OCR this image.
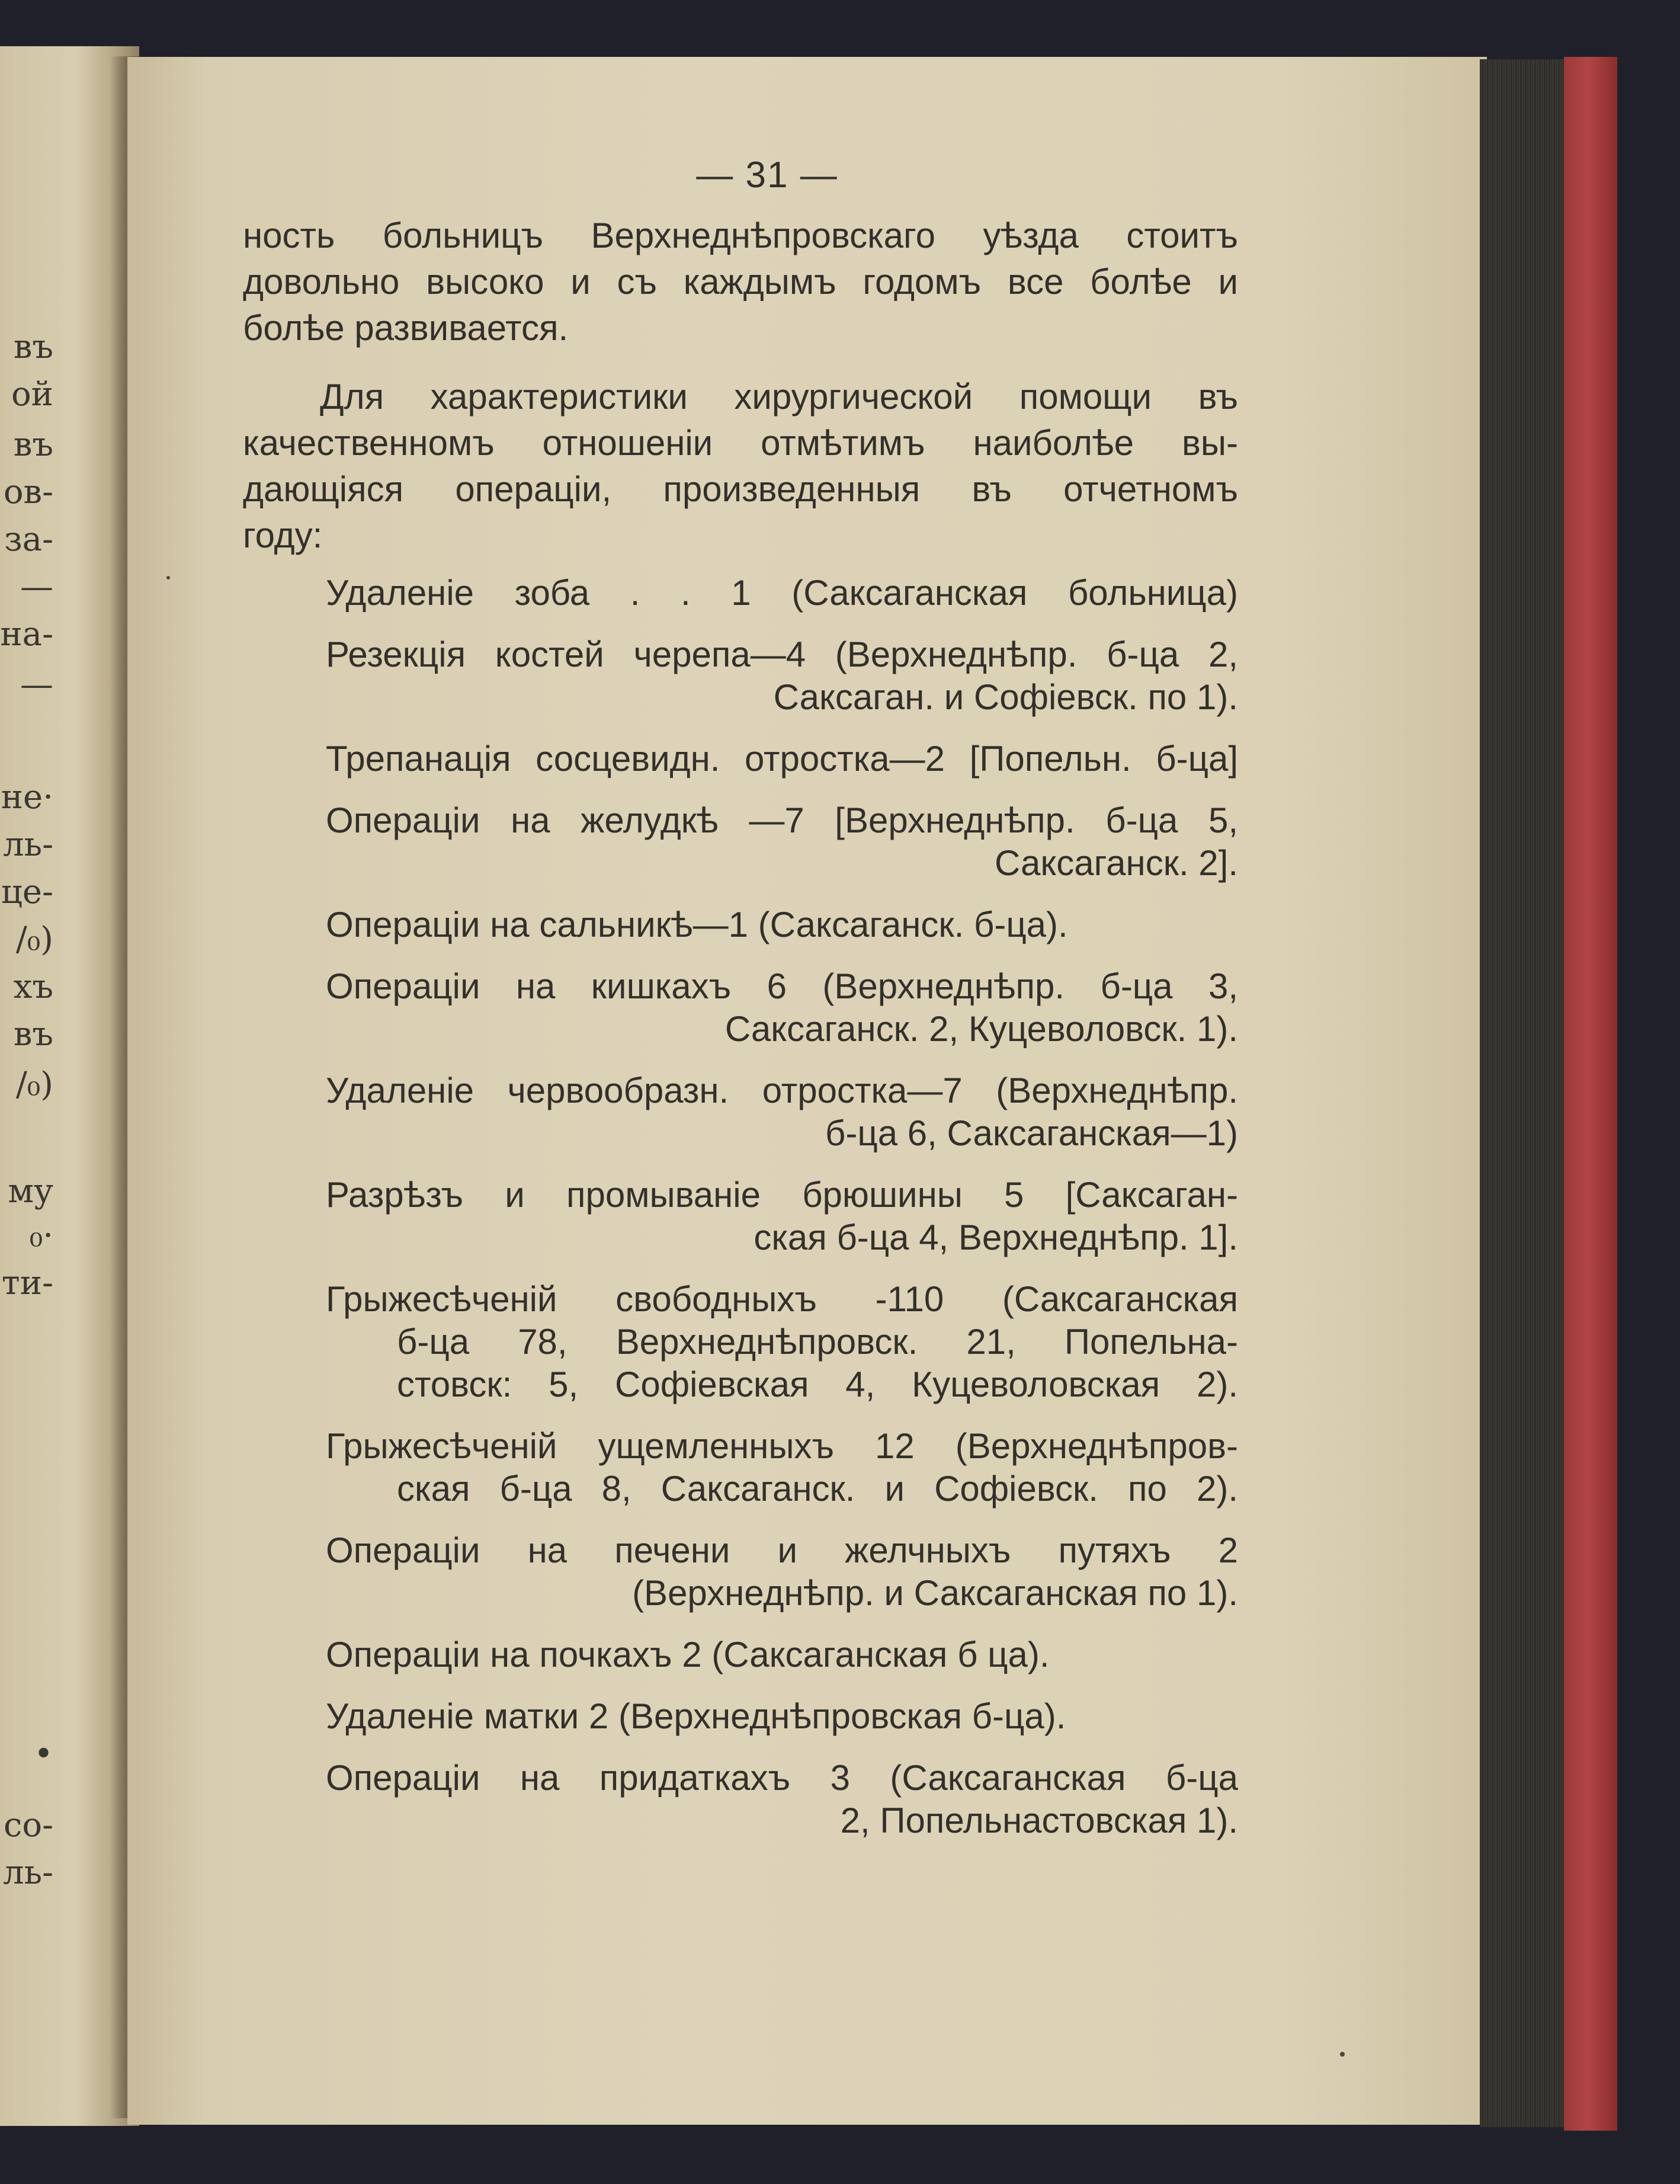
въ
ой
въ
ов-
за-
—
на-
—
не·
ль-
це-
/₀)
хъ
въ
/₀)
му
₀·
ти-
•
со-
ль-
— 31 —
ность больницъ Верхнеднѣпровскаго уѣзда стоитъ
довольно высоко и съ каждымъ годомъ все болѣе и
болѣе развивается.
Для характеристики хирургической помощи въ
качественномъ отношеніи отмѣтимъ наиболѣе вы-
дающіяся операціи, произведенныя въ отчетномъ
году:
Удаленіе зоба . . 1 (Саксаганская больница)
Резекція костей черепа—4 (Верхнеднѣпр. б-ца 2,
Саксаган. и Софіевск. по 1).
Трепанація сосцевидн. отростка—2 [Попельн. б-ца]
Операціи на желудкѣ —7 [Верхнеднѣпр. б-ца 5,
Саксаганск. 2].
Операціи на сальникѣ—1 (Саксаганск. б-ца).
Операціи на кишкахъ 6 (Верхнеднѣпр. б-ца 3,
Саксаганск. 2, Куцеволовск. 1).
Удаленіе червообразн. отростка—7 (Верхнеднѣпр.
б-ца 6, Саксаганская—1)
Разрѣзъ и промываніе брюшины 5 [Саксаган-
ская б-ца 4, Верхнеднѣпр. 1].
Грыжесѣченій свободныхъ -110 (Саксаганская
б-ца 78, Верхнеднѣпровск. 21, Попельна-
стовск: 5, Софіевская 4, Куцеволовская 2).
Грыжесѣченій ущемленныхъ 12 (Верхнеднѣпров-
ская б-ца 8, Саксаганск. и Софіевск. по 2).
Операціи на печени и желчныхъ путяхъ 2
(Верхнеднѣпр. и Саксаганская по 1).
Операціи на почкахъ 2 (Саксаганская б ца).
Удаленіе матки 2 (Верхнеднѣпровская б-ца).
Операціи на придаткахъ 3 (Саксаганская б-ца
2, Попельнастовская 1).
